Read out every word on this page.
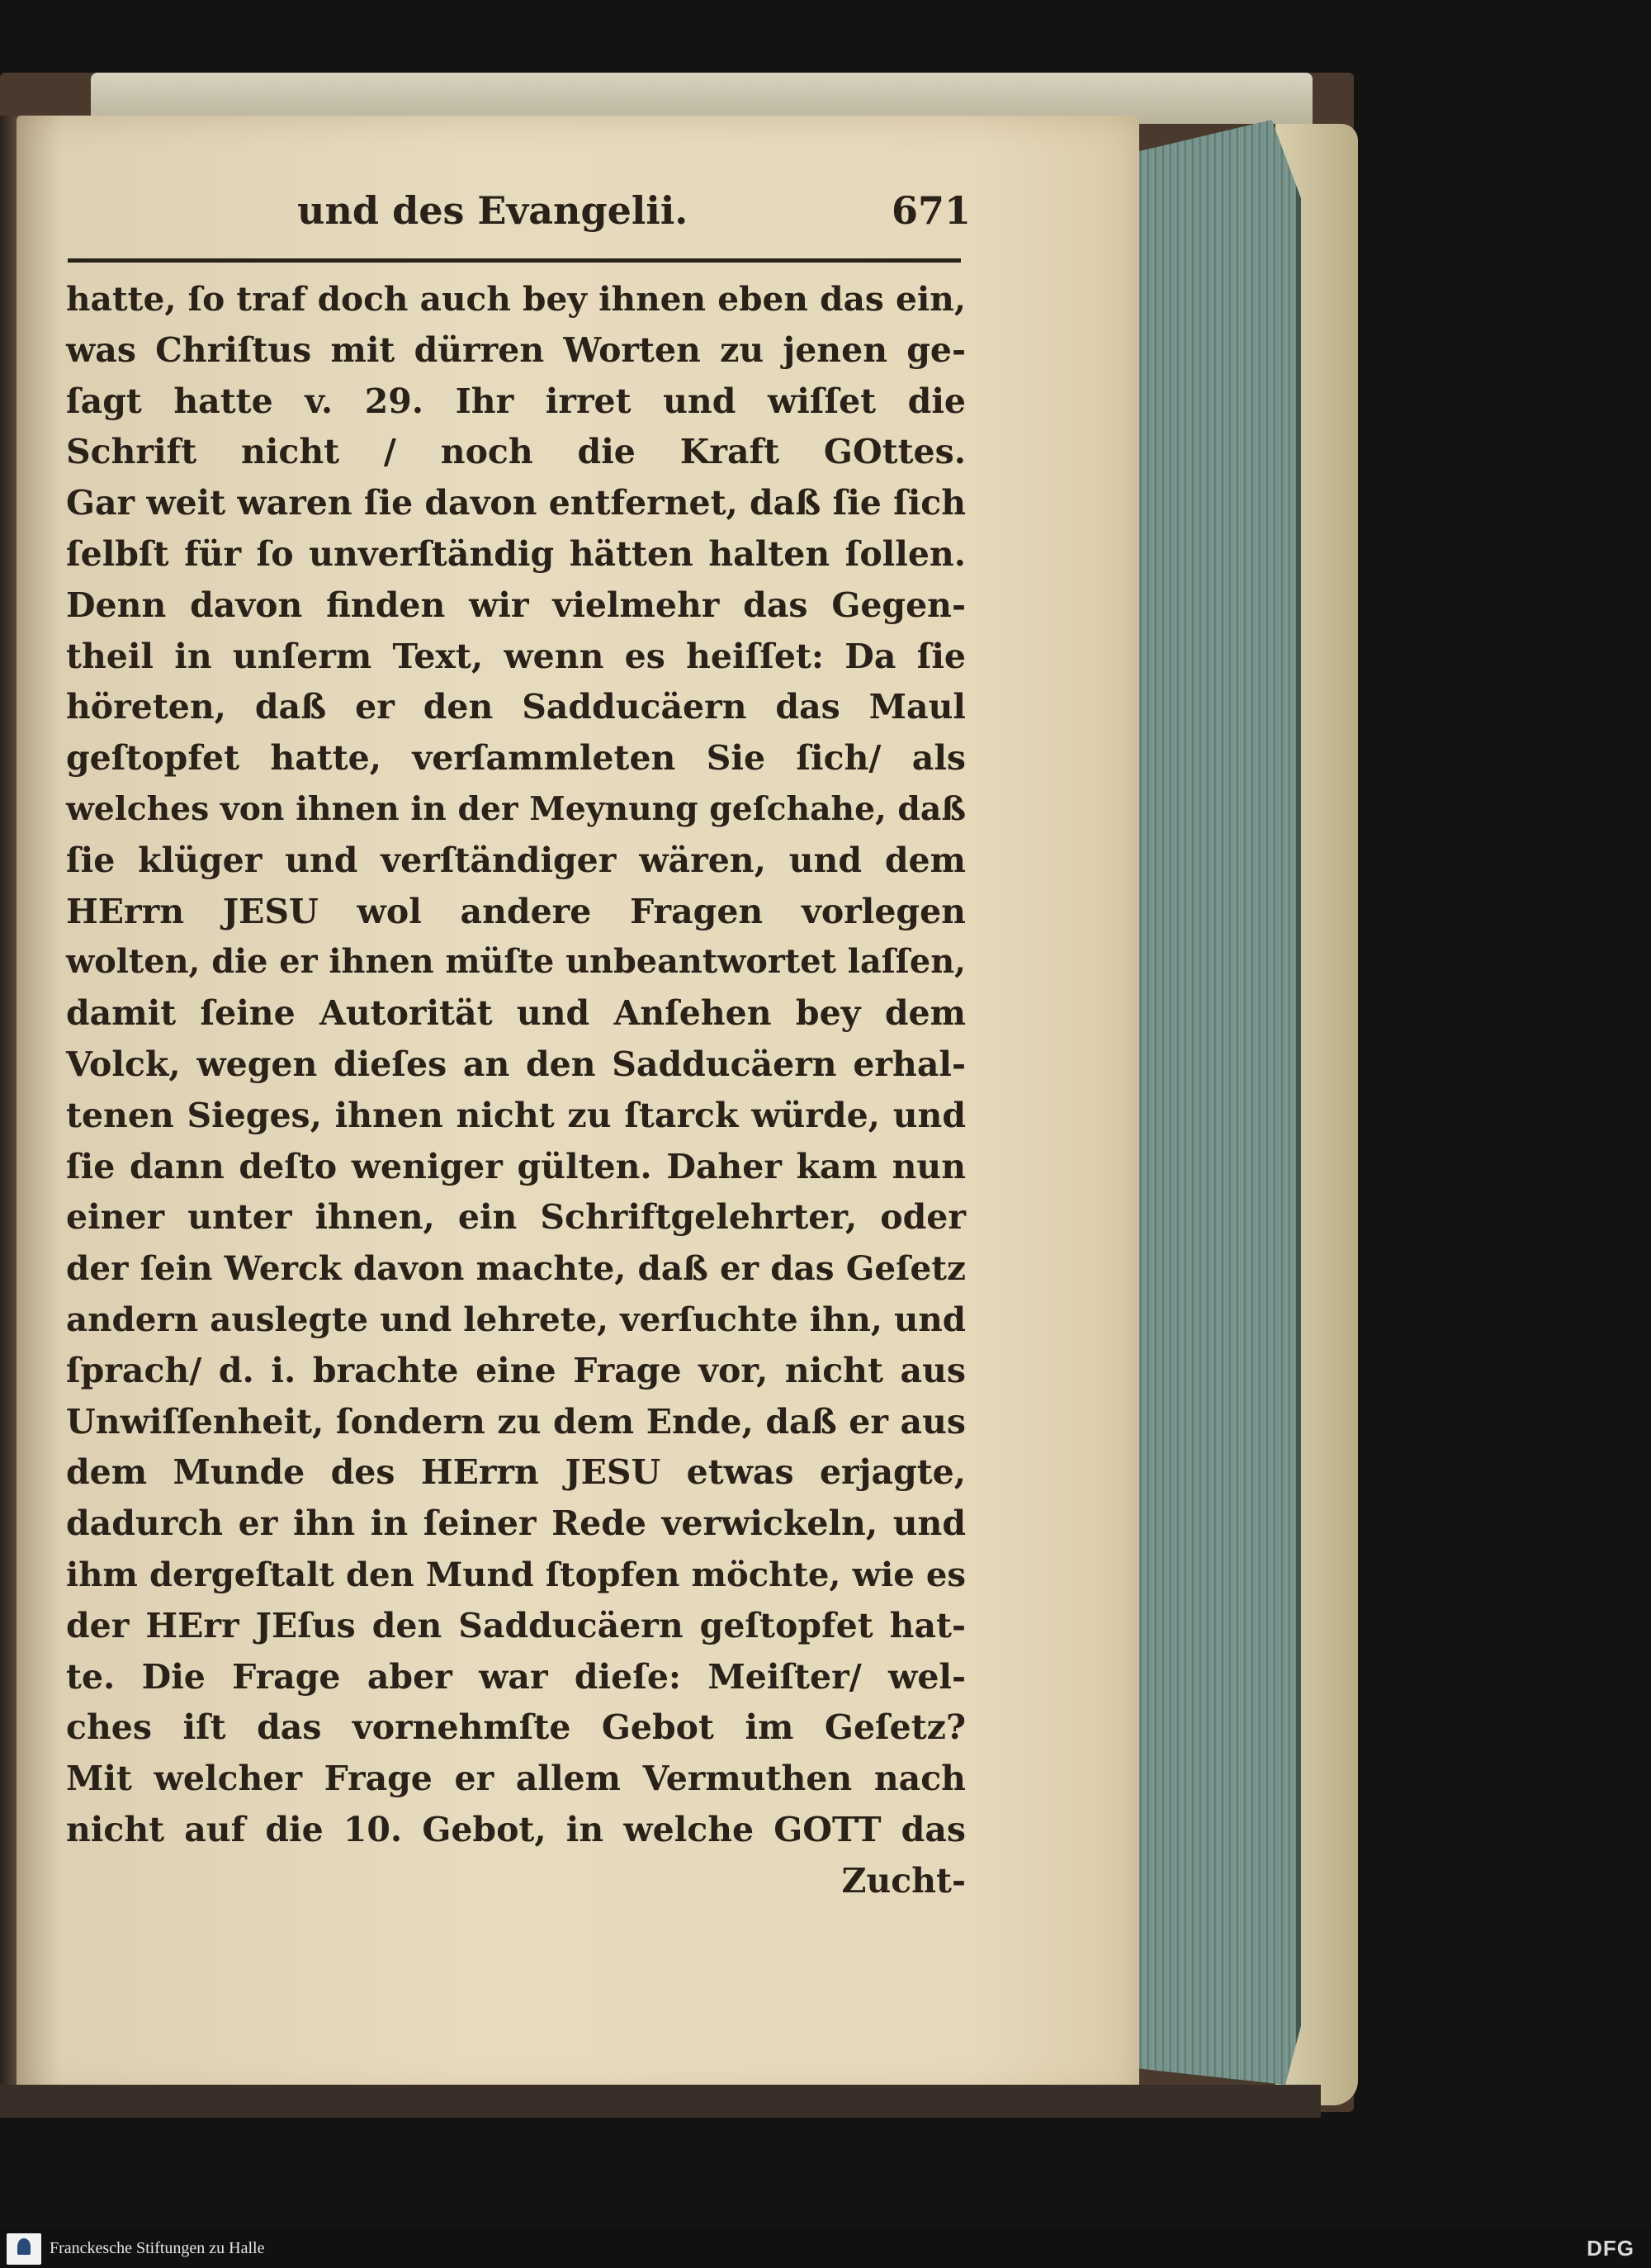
und des Evangelii.	671
hatte, ſo traf doch auch bey ihnen eben das ein,
was Chriſtus mit dürren Worten zu jenen ge-
ſagt hatte v. 29. Ihr irret und wiſſet die
Schrift nicht / noch die Kraft GOttes.
Gar weit waren ſie davon entfernet, daß ſie ſich
ſelbſt für ſo unverſtändig hätten halten ſollen.
Denn davon finden wir vielmehr das Gegen-
theil in unſerm Text, wenn es heiſſet: Da ſie
höreten, daß er den Sadducäern das Maul
geſtopfet hatte, verſammleten Sie ſich/ als
welches von ihnen in der Meynung geſchahe, daß
ſie klüger und verſtändiger wären, und dem
HErrn JESU wol andere Fragen vorlegen
wolten, die er ihnen müſte unbeantwortet laſſen,
damit ſeine Autorität und Anſehen bey dem
Volck, wegen dieſes an den Sadducäern erhal-
tenen Sieges, ihnen nicht zu ſtarck würde, und
ſie dann deſto weniger gülten. Daher kam nun
einer unter ihnen, ein Schriftgelehrter, oder
der ſein Werck davon machte, daß er das Geſetz
andern auslegte und lehrete, verſuchte ihn, und
ſprach/ d. i. brachte eine Frage vor, nicht aus
Unwiſſenheit, ſondern zu dem Ende, daß er aus
dem Munde des HErrn JESU etwas erjagte,
dadurch er ihn in ſeiner Rede verwickeln, und
ihm dergeſtalt den Mund ſtopfen möchte, wie es
der HErr JEſus den Sadducäern geſtopfet hat-
te. Die Frage aber war dieſe: Meiſter/ wel-
ches iſt das vornehmſte Gebot im Geſetz?
Mit welcher Frage er allem Vermuthen nach
nicht auf die 10. Gebot, in welche GOTT das
Zucht-
Franckesche Stiftungen zu Halle	DFG
